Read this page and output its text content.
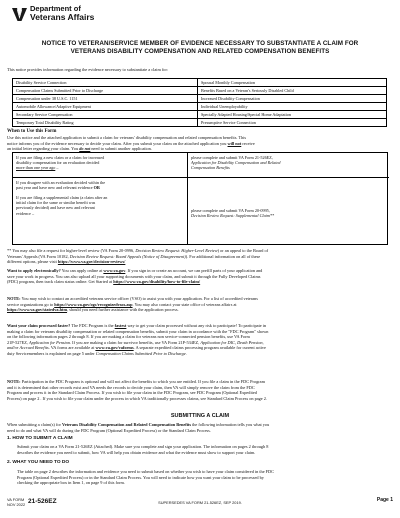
Department of
Veterans Affairs
NOTICE TO VETERAN/SERVICE MEMBER OF EVIDENCE NECESSARY TO SUBSTANTIATE A CLAIM FOR
VETERANS DISABILITY COMPENSATION AND RELATED COMPENSATION BENEFITS
This notice provides information regarding the evidence necessary to substantiate a claim for:
Disability Service Connection
Compensation Claims Submitted Prior to Discharge
Compensation under 38 U.S.C. 1151
Automobile Allowance/Adaptive Equipment
Secondary Service Compensation
Temporary Total Disability Rating
Spousal Monthly Compensation
Benefits Based on a Veteran's Seriously Disabled Child
Increased Disability Compensation
Individual Unemployability
Specially Adapted Housing/Special Home Adaptation
Presumptive Service Connection
When to Use this Form
Use this notice and the attached application to submit a claim for veterans' disability compensation and related compensation benefits. This
notice informs you of the evidence necessary to decide your claim. After you submit your claim on the attached application you will not receive
an initial letter regarding your claim. You do not need to submit another application.
If you are filing a new claim or a claim for increased
disability compensation for an evaluation decided
more than one year ago –
If you disagree with an evaluation decided within the
past year and have new and relevant evidence OR
If you are filing a supplemental claim (a claim after an
initial claim for the same or similar benefit was
previously decided) and have new and relevant
evidence –
please complete and submit VA Form 21-526EZ,
Application for Disability Compensation and Related
Compensation Benefits
please complete and submit VA Form 20-0995,
Decision Review Request: Supplemental Claim**
** You may also file a request for higher-level review (VA Form 20-0996, Decision Review Request: Higher-Level Review) or an appeal to the Board of
Veterans' Appeals (VA Form 10182, Decision Review Request: Board Appeals (Notice of Disagreement)). For additional information on all of these
different options, please visit https://www.va.gov/decision-reviews/
Want to apply electronically? You can apply online at www.va.gov. If you sign in or create an account, we can prefill parts of your application and
save your work in progress. You can also upload all your supporting documents with your claim, and submit it through the Fully Developed Claims
(FDC) program, then track claim status online. Get Started at https://www.va.gov/disability/how-to-file-claim/
NOTE: You may wish to contact an accredited veterans service officer (VSO) to assist you with your application. For a list of accredited veterans
service organizations go to https://www.va.gov/ogc/recognizedvsos.asp. You may also contact your state office of veterans affairs at
https://www.va.gov/statedva.htm, should you need further assistance with the application process.
Want your claim processed faster? The FDC Program is the fastest way to get your claim processed without any risk to participate! To participate in
making a claim for veterans disability compensation or related compensation benefits, submit your claim in accordance with the "FDC Program" shown
on the following information pages 2 through 8. If you are making a claim for veterans non service-connected pension benefits, use VA Form
21P-527EZ, Application for Pension. If you are making a claim for survivor benefits, use VA Form 21P-534EZ, Application for DIC, Death Pension,
and/or Accrued Benefits. VA forms are available at www.va.gov/vaforms. A separate expedited claims processing program available for current active
duty Servicemembers is explained on page 5 under Compensation Claims Submitted Prior to Discharge.
NOTE: Participation in the FDC Program is optional and will not affect the benefits to which you are entitled. If you file a claim in the FDC Program
and it is determined that other records exist and VA needs the records to decide your claim, then VA will simply remove the claim from the FDC
Program and process it in the Standard Claim Process. If you wish to file your claim in the FDC Program, see FDC Program (Optional Expedited
Process) on page 2 . If you wish to file your claim under the process in which VA traditionally processes claims, see Standard Claim Process on page 2.
SUBMITTING A CLAIM
When submitting a claim(s) for Veterans Disability Compensation and Related Compensation Benefits the following information tells you what you
need to do and what VA will do during the FDC Program (Optional Expedited Process) or the Standard Claim Process.
1. HOW TO SUBMIT A CLAIM
Submit your claim on a VA Form 21-526EZ (Attached). Make sure you complete and sign your application. The information on pages 2 through 8
describes the evidence you need to submit, how VA will help you obtain evidence and what the evidence must show to support your claim.
2. WHAT YOU NEED TO DO
The table on page 2 describes the information and evidence you need to submit based on whether you wish to have your claim considered in the FDC
Program (Optional Expedited Process) or in the Standard Claim Process. You will need to indicate how you want your claim to be processed by
checking the appropriate box in Item 1, on page 9 of this form.
VA FORM
NOV 2022 21-526EZ	SUPERSEDES VA FORM 21-526EZ, SEP 2019.	Page 1
